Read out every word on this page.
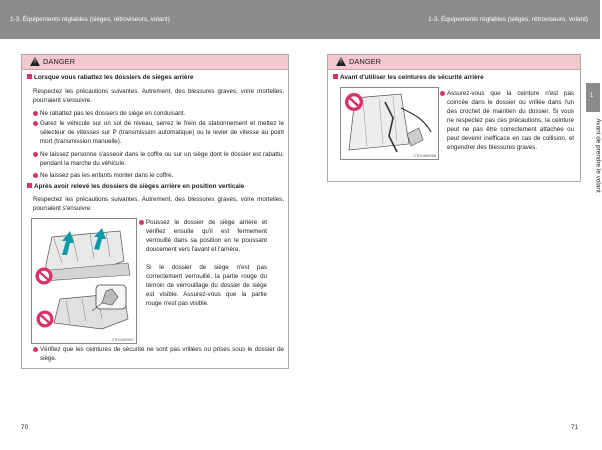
1-3. Équipements réglables (sièges, rétroviseurs, volant)	1-3. Équipements réglables (sièges, rétroviseurs, volant)
! DANGER
Lorsque vous rabattez les dossiers de sièges arrière
Respectez les précautions suivantes. Autrement, des blessures graves, voire mortelles, pourraient s'ensuivre.
Ne rabattez pas les dossiers de siège en conduisant.
Garez le véhicule sur un sol de niveau, serrez le frein de stationnement et mettez le sélecteur de vitesses sur P (transmission automatique) ou le levier de vitesse au point mort (transmission manuelle).
Ne laissez personne s'asseoir dans le coffre ou sur un siège dont le dossier est rabattu, pendant la marche du véhicule.
Ne laissez pas les enfants monter dans le coffre.
Après avoir relevé les dossiers de sièges arrière en position verticale
Respectez les précautions suivantes. Autrement, des blessures graves, voire mortelles, pourraient s'ensuivre.
CTH13AR067
Poussez le dossier de siège arrière et vérifiez ensuite qu'il est fermement verrouillé dans sa position en le poussant doucement vers l'avant et l'arrière.
Si le dossier de siège n'est pas correctement verrouillé, la partie rouge du témoin de verrouillage du dossier de siège est visible. Assurez-vous que la partie rouge n'est pas visible.
Vérifiez que les ceintures de sécurité ne sont pas vrillées ou prises sous le dossier de siège.
! DANGER
Avant d'utiliser les ceintures de sécurité arrière
CTH13AR068
Assurez-vous que la ceinture n'est pas coincée dans le dossier ou vrillée dans l'un des crochet de maintien du dossier. Si vous ne respectez pas ces précautions, la ceinture peut ne pas être correctement attachée ou peut devenir inefficace en cas de collision, et engendrer des blessures graves.
1
Avant de prendre le volant
70	71
